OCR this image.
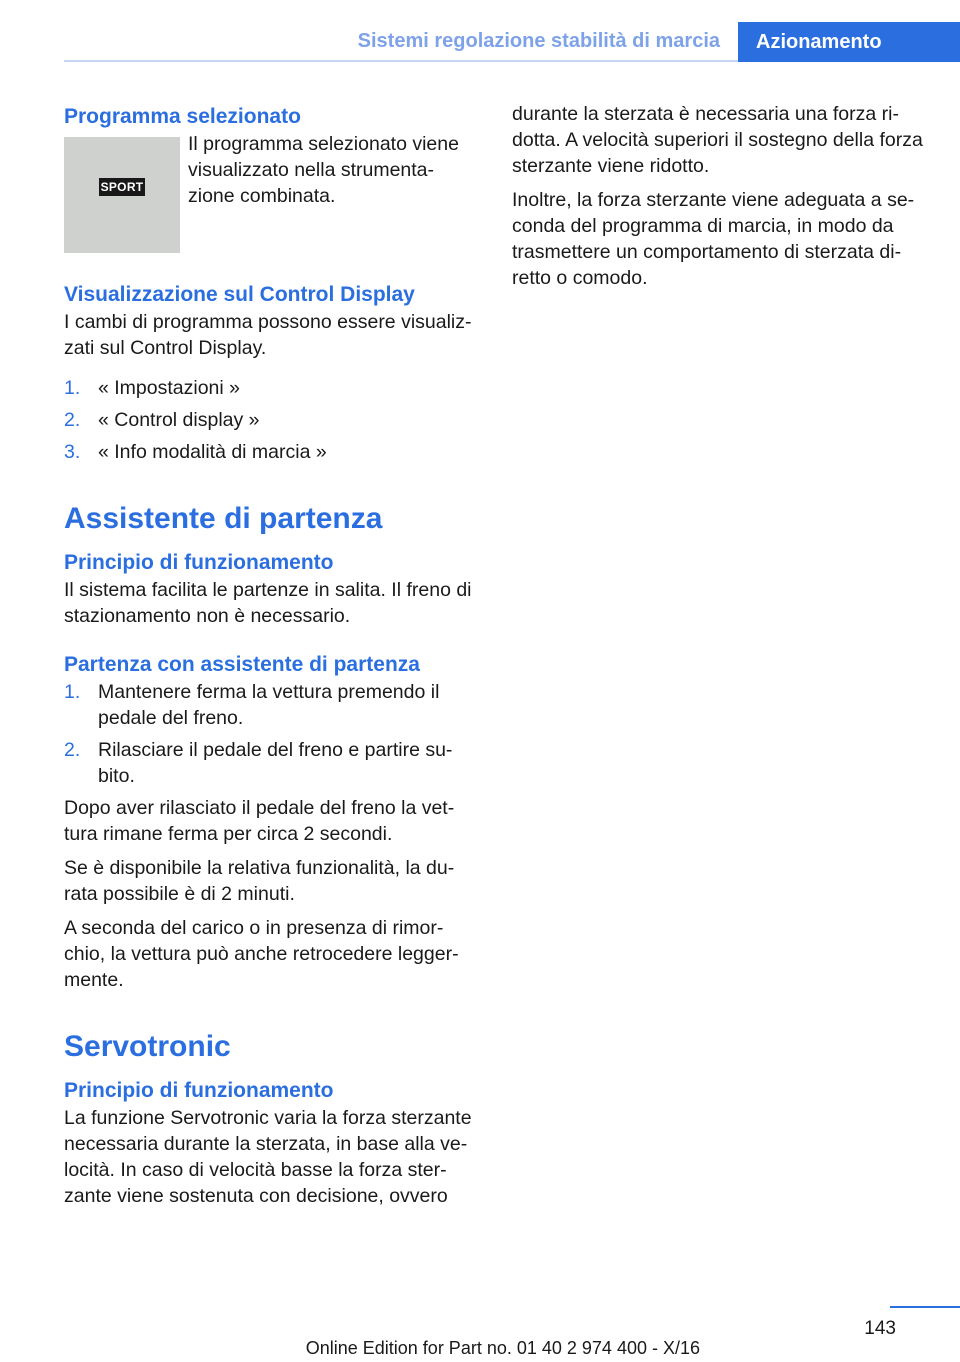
Sistemi regolazione stabilità di marcia	Azionamento
Programma selezionato
SPORT
Il programma selezionato viene visualizzato nella strumenta-zione combinata.
Visualizzazione sul Control Display

I cambi di programma possono essere visualiz-zati sul Control Display.

1. « Impostazioni »
2. « Control display »
3. « Info modalità di marcia »
Assistente di partenza
Principio di funzionamento

Il sistema facilita le partenze in salita. Il freno di stazionamento non è necessario.

Partenza con assistente di partenza
1. Mantenere ferma la vettura premendo il pedale del freno.
2. Rilasciare il pedale del freno e partire su-bito.

Dopo aver rilasciato il pedale del freno la vet-tura rimane ferma per circa 2 secondi.

Se è disponibile la relativa funzionalità, la du-rata possibile è di 2 minuti.

A seconda del carico o in presenza di rimor-chio, la vettura può anche retrocedere legger-mente.

Servotronic
Principio di funzionamento

La funzione Servotronic varia la forza sterzante necessaria durante la sterzata, in base alla ve-locità. In caso di velocità basse la forza ster-zante viene sostenuta con decisione, ovvero

durante la sterzata è necessaria una forza ri-dotta. A velocità superiori il sostegno della forza sterzante viene ridotto.

Inoltre, la forza sterzante viene adeguata a se-conda del programma di marcia, in modo da trasmettere un comportamento di sterzata di-retto o comodo.

143
Online Edition for Part no. 01 40 2 974 400 - X/16
